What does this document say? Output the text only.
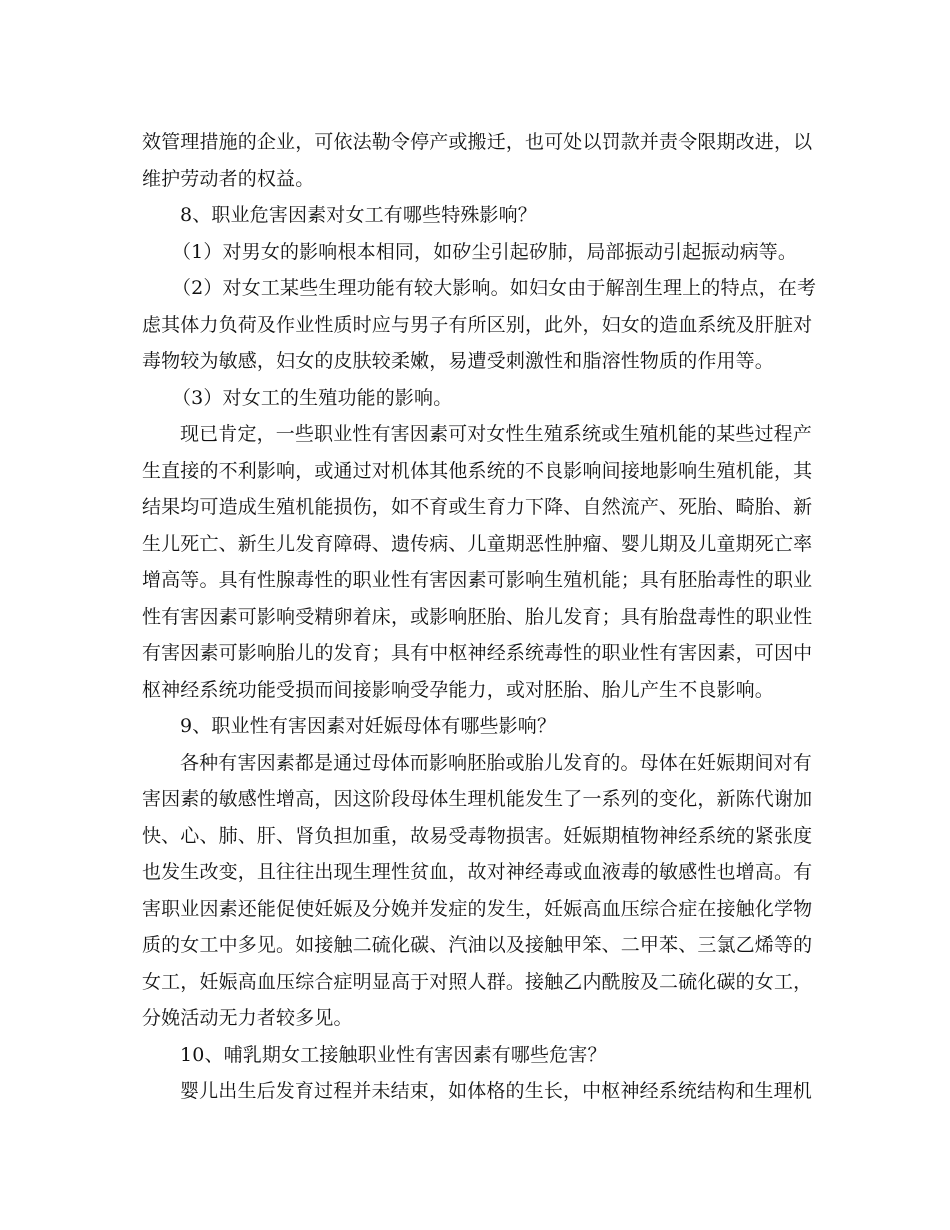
效管理措施的企业，可依法勒令停产或搬迁，也可处以罚款并责令限期改进，以
维护劳动者的权益。
8、职业危害因素对女工有哪些特殊影响？
（1）对男女的影响根本相同，如矽尘引起矽肺，局部振动引起振动病等。
（2）对女工某些生理功能有较大影响。如妇女由于解剖生理上的特点，在考
虑其体力负荷及作业性质时应与男子有所区别，此外，妇女的造血系统及肝脏对
毒物较为敏感，妇女的皮肤较柔嫩，易遭受刺激性和脂溶性物质的作用等。
（3）对女工的生殖功能的影响。
现已肯定，一些职业性有害因素可对女性生殖系统或生殖机能的某些过程产
生直接的不利影响，或通过对机体其他系统的不良影响间接地影响生殖机能，其
结果均可造成生殖机能损伤，如不育或生育力下降、自然流产、死胎、畸胎、新
生儿死亡、新生儿发育障碍、遗传病、儿童期恶性肿瘤、婴儿期及儿童期死亡率
增高等。具有性腺毒性的职业性有害因素可影响生殖机能；具有胚胎毒性的职业
性有害因素可影响受精卵着床，或影响胚胎、胎儿发育；具有胎盘毒性的职业性
有害因素可影响胎儿的发育；具有中枢神经系统毒性的职业性有害因素，可因中
枢神经系统功能受损而间接影响受孕能力，或对胚胎、胎儿产生不良影响。
9、职业性有害因素对妊娠母体有哪些影响？
各种有害因素都是通过母体而影响胚胎或胎儿发育的。母体在妊娠期间对有
害因素的敏感性增高，因这阶段母体生理机能发生了一系列的变化，新陈代谢加
快、心、肺、肝、肾负担加重，故易受毒物损害。妊娠期植物神经系统的紧张度
也发生改变，且往往出现生理性贫血，故对神经毒或血液毒的敏感性也增高。有
害职业因素还能促使妊娠及分娩并发症的发生，妊娠高血压综合症在接触化学物
质的女工中多见。如接触二硫化碳、汽油以及接触甲笨、二甲苯、三氯乙烯等的
女工，妊娠高血压综合症明显高于对照人群。接触乙内酰胺及二硫化碳的女工，
分娩活动无力者较多见。
10、哺乳期女工接触职业性有害因素有哪些危害？
婴儿出生后发育过程并未结束，如体格的生长，中枢神经系统结构和生理机
